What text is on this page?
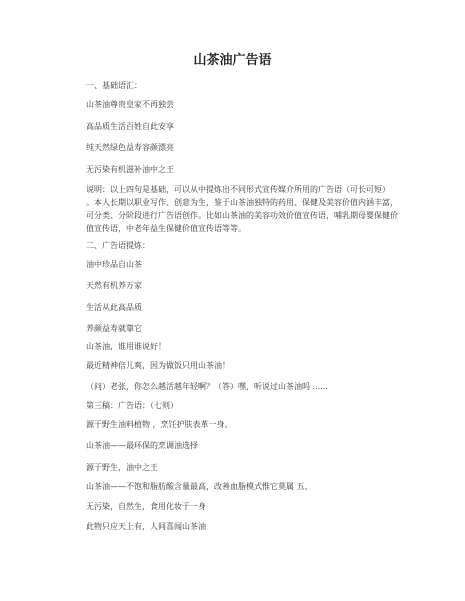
山茶油广告语
一、基础语汇：
山茶油尊贵皇家不再独尝
高品质生活百姓自此安享
纯天然绿色益寿容颜漂亮
无污染有机滋补油中之王
说明：以上四句是基础，可以从中提炼出不同形式宣传媒介所用的广告语（可长可短）
。本人长期以职业写作、创意为生，鉴于山茶油独特的药用、保健及美容价值内涵丰富，
可分类、分阶段进行广告语创作。比如山茶油的美容功效价值宣传语，哺乳期母婴保健价
值宣传语，中老年益生保健价值宣传语等等。
二、广告语提炼：
油中珍品自山茶
天然有机养万家
生活从此高品质
养颜益寿就靠它
山茶油，谁用谁说好！
最近精神倍儿爽，因为做饭只用山茶油！
（问）老张，你怎么越活越年轻啊？（答）嘿，听说过山茶油吗 ......
第三稿：广告语：（七则）
源于野生油料植物 ，烹饪护肤表革一身。
山茶油——最环保的烹调油选择
源于野生，油中之王
山茶油——不饱和脂肪酸含量最高，改善血脂模式惟它莫属 五、
无污染，自然生，食用化妆于一身
此物只应天上有，人间喜闻山茶油
